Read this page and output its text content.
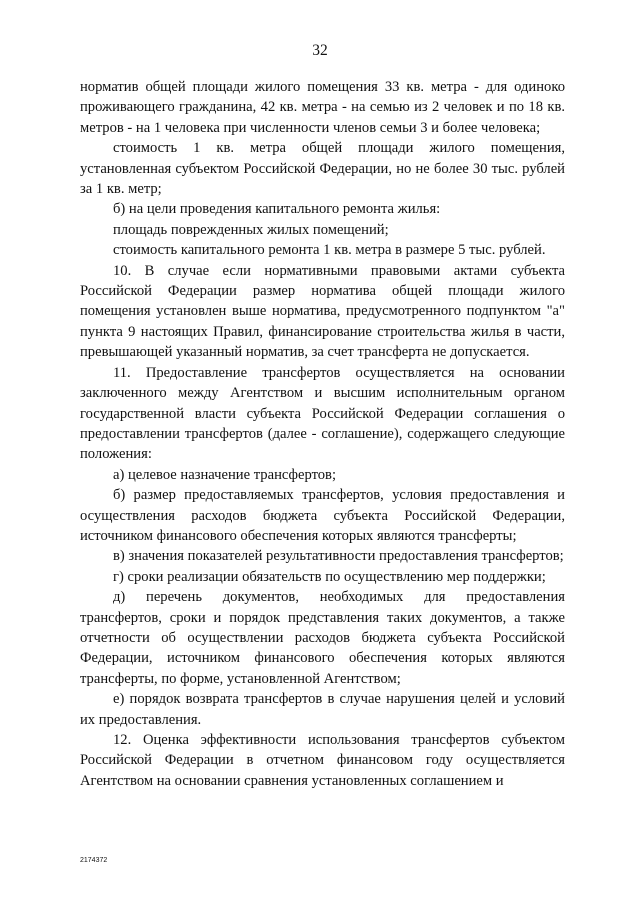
32

норматив общей площади жилого помещения 33 кв. метра - для одиноко проживающего гражданина, 42 кв. метра - на семью из 2 человек и по 18 кв. метров - на 1 человека при численности членов семьи 3 и более человека;

стоимость 1 кв. метра общей площади жилого помещения, установленная субъектом Российской Федерации, но не более 30 тыс. рублей за 1 кв. метр;

б) на цели проведения капитального ремонта жилья:

площадь поврежденных жилых помещений;

стоимость капитального ремонта 1 кв. метра в размере 5 тыс. рублей.

10. В случае если нормативными правовыми актами субъекта Российской Федерации размер норматива общей площади жилого помещения установлен выше норматива, предусмотренного подпунктом "а" пункта 9 настоящих Правил, финансирование строительства жилья в части, превышающей указанный норматив, за счет трансферта не допускается.

11. Предоставление трансфертов осуществляется на основании заключенного между Агентством и высшим исполнительным органом государственной власти субъекта Российской Федерации соглашения о предоставлении трансфертов (далее - соглашение), содержащего следующие положения:

а) целевое назначение трансфертов;

б) размер предоставляемых трансфертов, условия предоставления и осуществления расходов бюджета субъекта Российской Федерации, источником финансового обеспечения которых являются трансферты;

в) значения показателей результативности предоставления трансфертов;

г) сроки реализации обязательств по осуществлению мер поддержки;

д) перечень документов, необходимых для предоставления трансфертов, сроки и порядок представления таких документов, а также отчетности об осуществлении расходов бюджета субъекта Российской Федерации, источником финансового обеспечения которых являются трансферты, по форме, установленной Агентством;

е) порядок возврата трансфертов в случае нарушения целей и условий их предоставления.

12. Оценка эффективности использования трансфертов субъектом Российской Федерации в отчетном финансовом году осуществляется Агентством на основании сравнения установленных соглашением и

2174372
